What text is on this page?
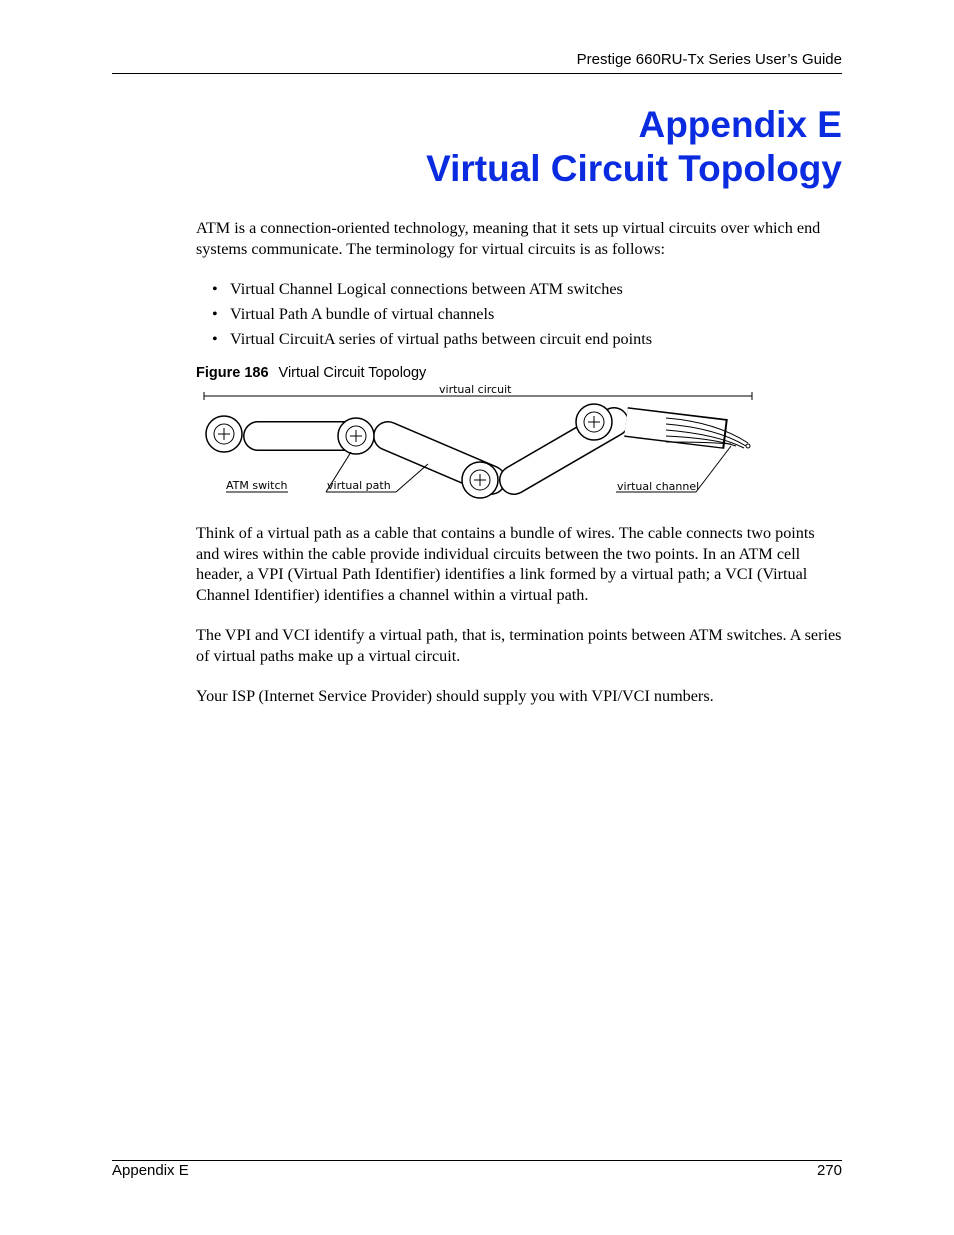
Prestige 660RU-Tx Series User’s Guide
Appendix E
Virtual Circuit Topology

ATM is a connection-oriented technology, meaning that it sets up virtual circuits over which end systems communicate. The terminology for virtual circuits is as follows:

• Virtual Channel Logical connections between ATM switches
• Virtual Path A bundle of virtual channels
• Virtual CircuitA series of virtual paths between circuit end points
Figure 186 Virtual Circuit Topology
virtual circuit
ATM switch	virtual path	virtual channel

Think of a virtual path as a cable that contains a bundle of wires. The cable connects two points and wires within the cable provide individual circuits between the two points. In an ATM cell header, a VPI (Virtual Path Identifier) identifies a link formed by a virtual path; a VCI (Virtual Channel Identifier) identifies a channel within a virtual path.

The VPI and VCI identify a virtual path, that is, termination points between ATM switches. A series of virtual paths make up a virtual circuit.

Your ISP (Internet Service Provider) should supply you with VPI/VCI numbers.

Appendix E	270
